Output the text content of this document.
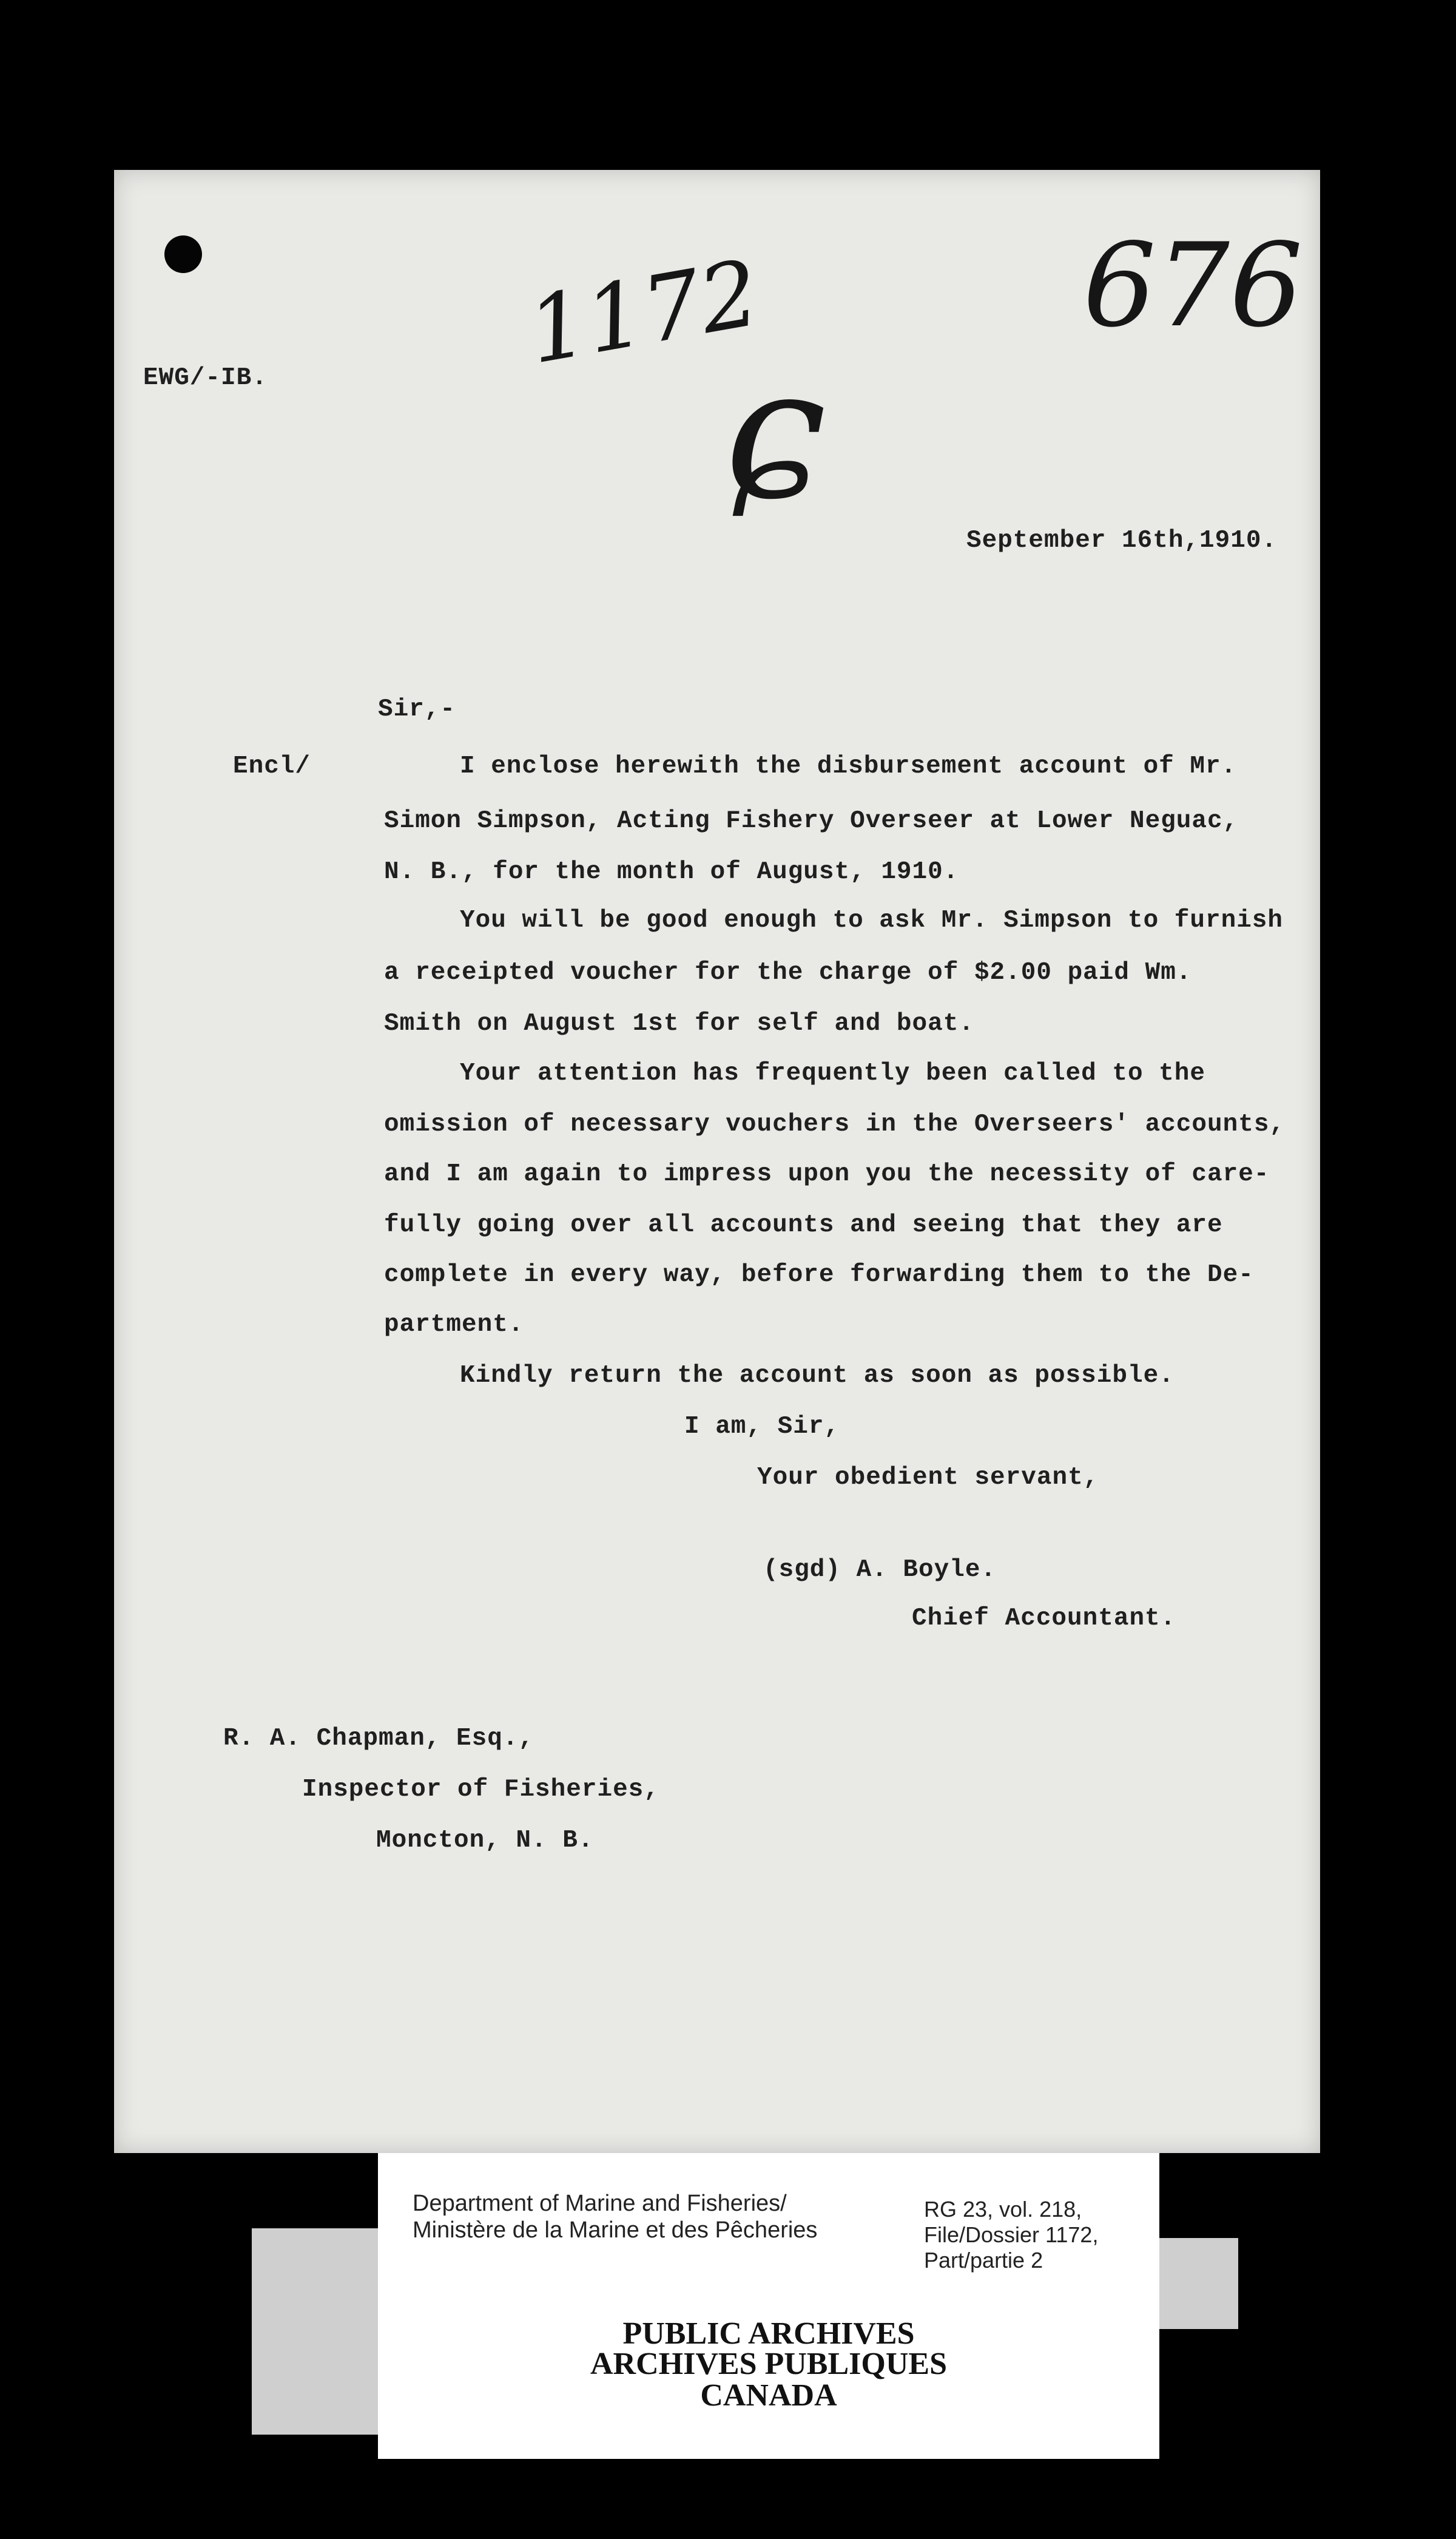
1172	676
ɕ
EWG/-IB.
September 16th,1910.
Sir,-
Encl/	I enclose herewith the disbursement account of Mr.
Simon Simpson, Acting Fishery Overseer at Lower Neguac,
N. B., for the month of August, 1910.
You will be good enough to ask Mr. Simpson to furnish
a receipted voucher for the charge of $2.00 paid Wm.
Smith on August 1st for self and boat.
Your attention has frequently been called to the
omission of necessary vouchers in the Overseers' accounts,
and I am again to impress upon you the necessity of care-
fully going over all accounts and seeing that they are
complete in every way, before forwarding them to the De-
partment.
Kindly return the account as soon as possible.
I am, Sir,
Your obedient servant,
(sgd) A. Boyle.
Chief Accountant.
R. A. Chapman, Esq.,
Inspector of Fisheries,
Moncton, N. B.
Department of Marine and Fisheries/
Ministère de la Marine et des Pêcheries
RG 23, vol. 218,
File/Dossier 1172,
Part/partie 2
PUBLIC ARCHIVES
ARCHIVES PUBLIQUES
CANADA
